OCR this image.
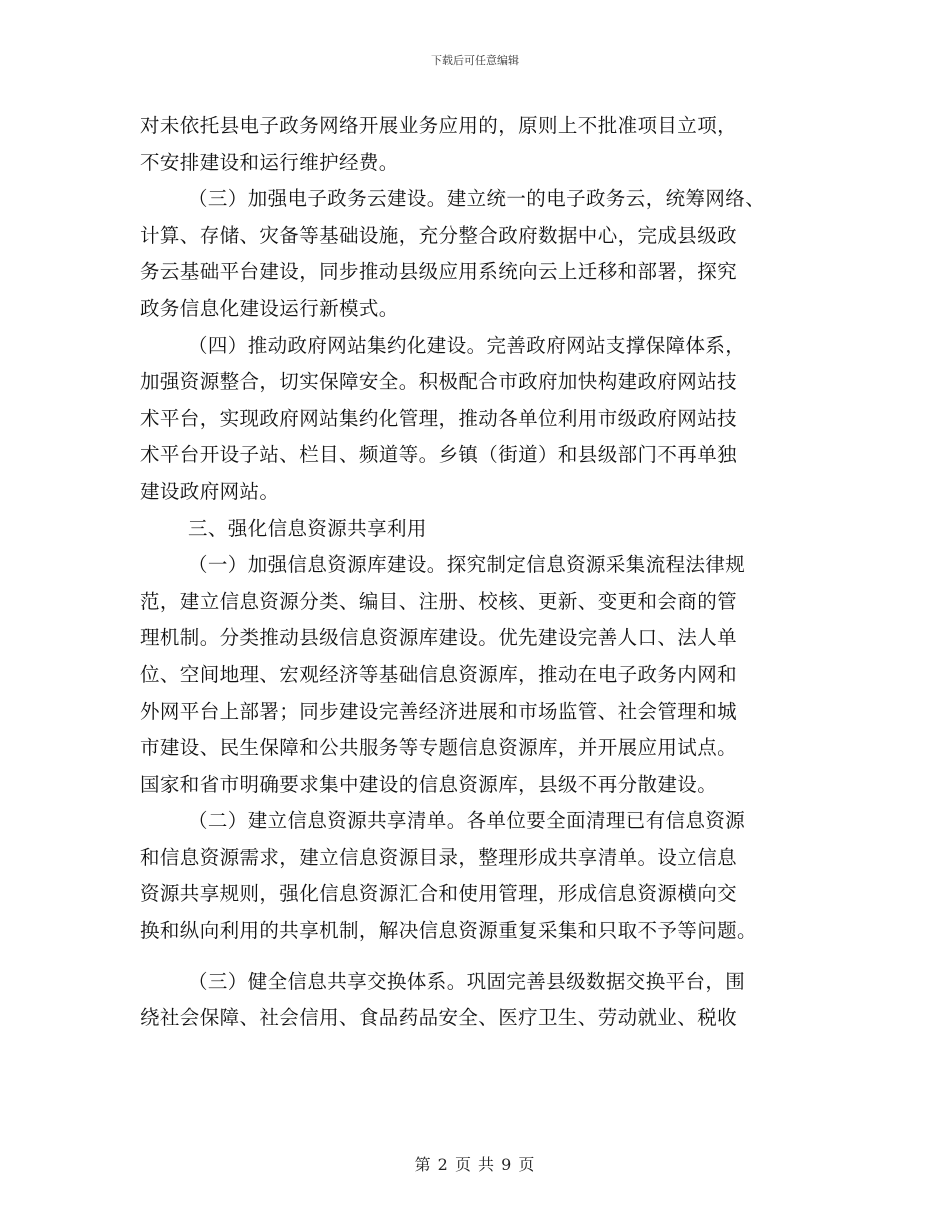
下载后可任意编辑
对未依托县电子政务网络开展业务应用的，原则上不批准项目立项，
不安排建设和运行维护经费。
（三）加强电子政务云建设。建立统一的电子政务云，统筹网络、
计算、存储、灾备等基础设施，充分整合政府数据中心，完成县级政
务云基础平台建设，同步推动县级应用系统向云上迁移和部署，探究
政务信息化建设运行新模式。
（四）推动政府网站集约化建设。完善政府网站支撑保障体系，
加强资源整合，切实保障安全。积极配合市政府加快构建政府网站技
术平台，实现政府网站集约化管理，推动各单位利用市级政府网站技
术平台开设子站、栏目、频道等。乡镇（街道）和县级部门不再单独
建设政府网站。
三、强化信息资源共享利用
（一）加强信息资源库建设。探究制定信息资源采集流程法律规
范，建立信息资源分类、编目、注册、校核、更新、变更和会商的管
理机制。分类推动县级信息资源库建设。优先建设完善人口、法人单
位、空间地理、宏观经济等基础信息资源库，推动在电子政务内网和
外网平台上部署；同步建设完善经济进展和市场监管、社会管理和城
市建设、民生保障和公共服务等专题信息资源库，并开展应用试点。
国家和省市明确要求集中建设的信息资源库，县级不再分散建设。
（二）建立信息资源共享清单。各单位要全面清理已有信息资源
和信息资源需求，建立信息资源目录，整理形成共享清单。设立信息
资源共享规则，强化信息资源汇合和使用管理，形成信息资源横向交
换和纵向利用的共享机制，解决信息资源重复采集和只取不予等问题。
（三）健全信息共享交换体系。巩固完善县级数据交换平台，围
绕社会保障、社会信用、食品药品安全、医疗卫生、劳动就业、税收
第 2 页 共 9 页
